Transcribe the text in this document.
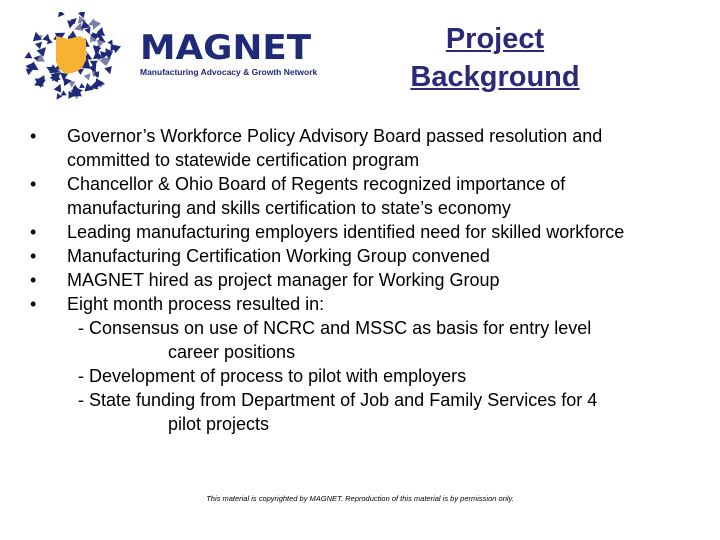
MAGNET
Manufacturing Advocacy & Growth Network
Project Background
• Governor’s Workforce Policy Advisory Board passed resolution and
committed to statewide certification program
• Chancellor & Ohio Board of Regents recognized importance of
manufacturing and skills certification to state’s economy
• Leading manufacturing employers identified need for skilled workforce
• Manufacturing Certification Working Group convened
• MAGNET hired as project manager for Working Group
• Eight month process resulted in:
- Consensus on use of NCRC and MSSC as basis for entry level
career positions
- Development of process to pilot with employers
- State funding from Department of Job and Family Services for 4
pilot projects
This material is copyrighted by MAGNET. Reproduction of this material is by permission only.
